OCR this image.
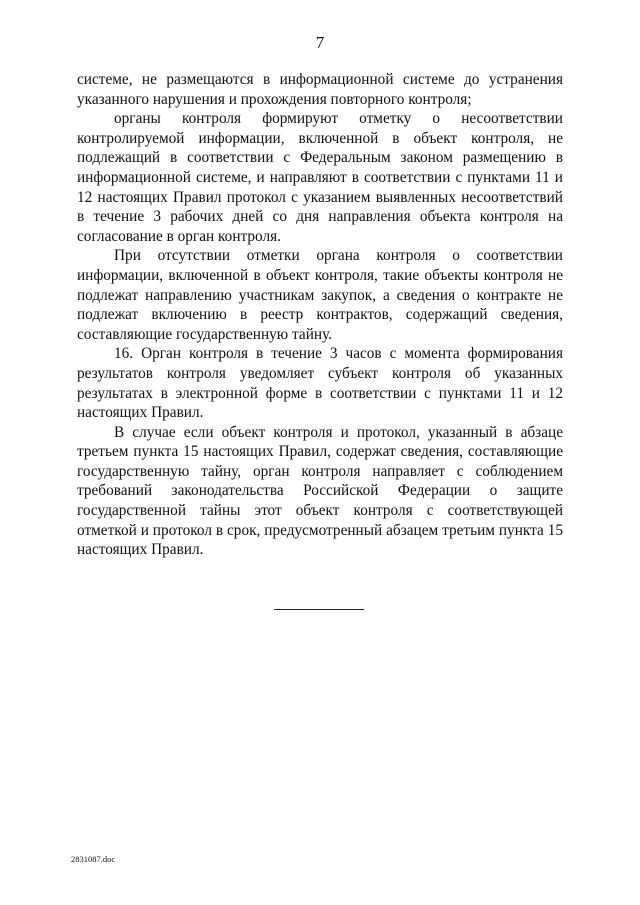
7

системе, не размещаются в информационной системе до устранения указанного нарушения и прохождения повторного контроля;

органы контроля формируют отметку о несоответствии контролируемой информации, включенной в объект контроля, не подлежащий в соответствии с Федеральным законом размещению в информационной системе, и направляют в соответствии с пунктами 11 и 12 настоящих Правил протокол с указанием выявленных несоответствий в течение 3 рабочих дней со дня направления объекта контроля на согласование в орган контроля.

При отсутствии отметки органа контроля о соответствии информации, включенной в объект контроля, такие объекты контроля не подлежат направлению участникам закупок, а сведения о контракте не подлежат включению в реестр контрактов, содержащий сведения, составляющие государственную тайну.

16. Орган контроля в течение 3 часов с момента формирования результатов контроля уведомляет субъект контроля об указанных результатах в электронной форме в соответствии с пунктами 11 и 12 настоящих Правил.

В случае если объект контроля и протокол, указанный в абзаце третьем пункта 15 настоящих Правил, содержат сведения, составляющие государственную тайну, орган контроля направляет с соблюдением требований законодательства Российской Федерации о защите государственной тайны этот объект контроля с соответствующей отметкой и протокол в срок, предусмотренный абзацем третьим пункта 15 настоящих Правил.

2831087.doc
